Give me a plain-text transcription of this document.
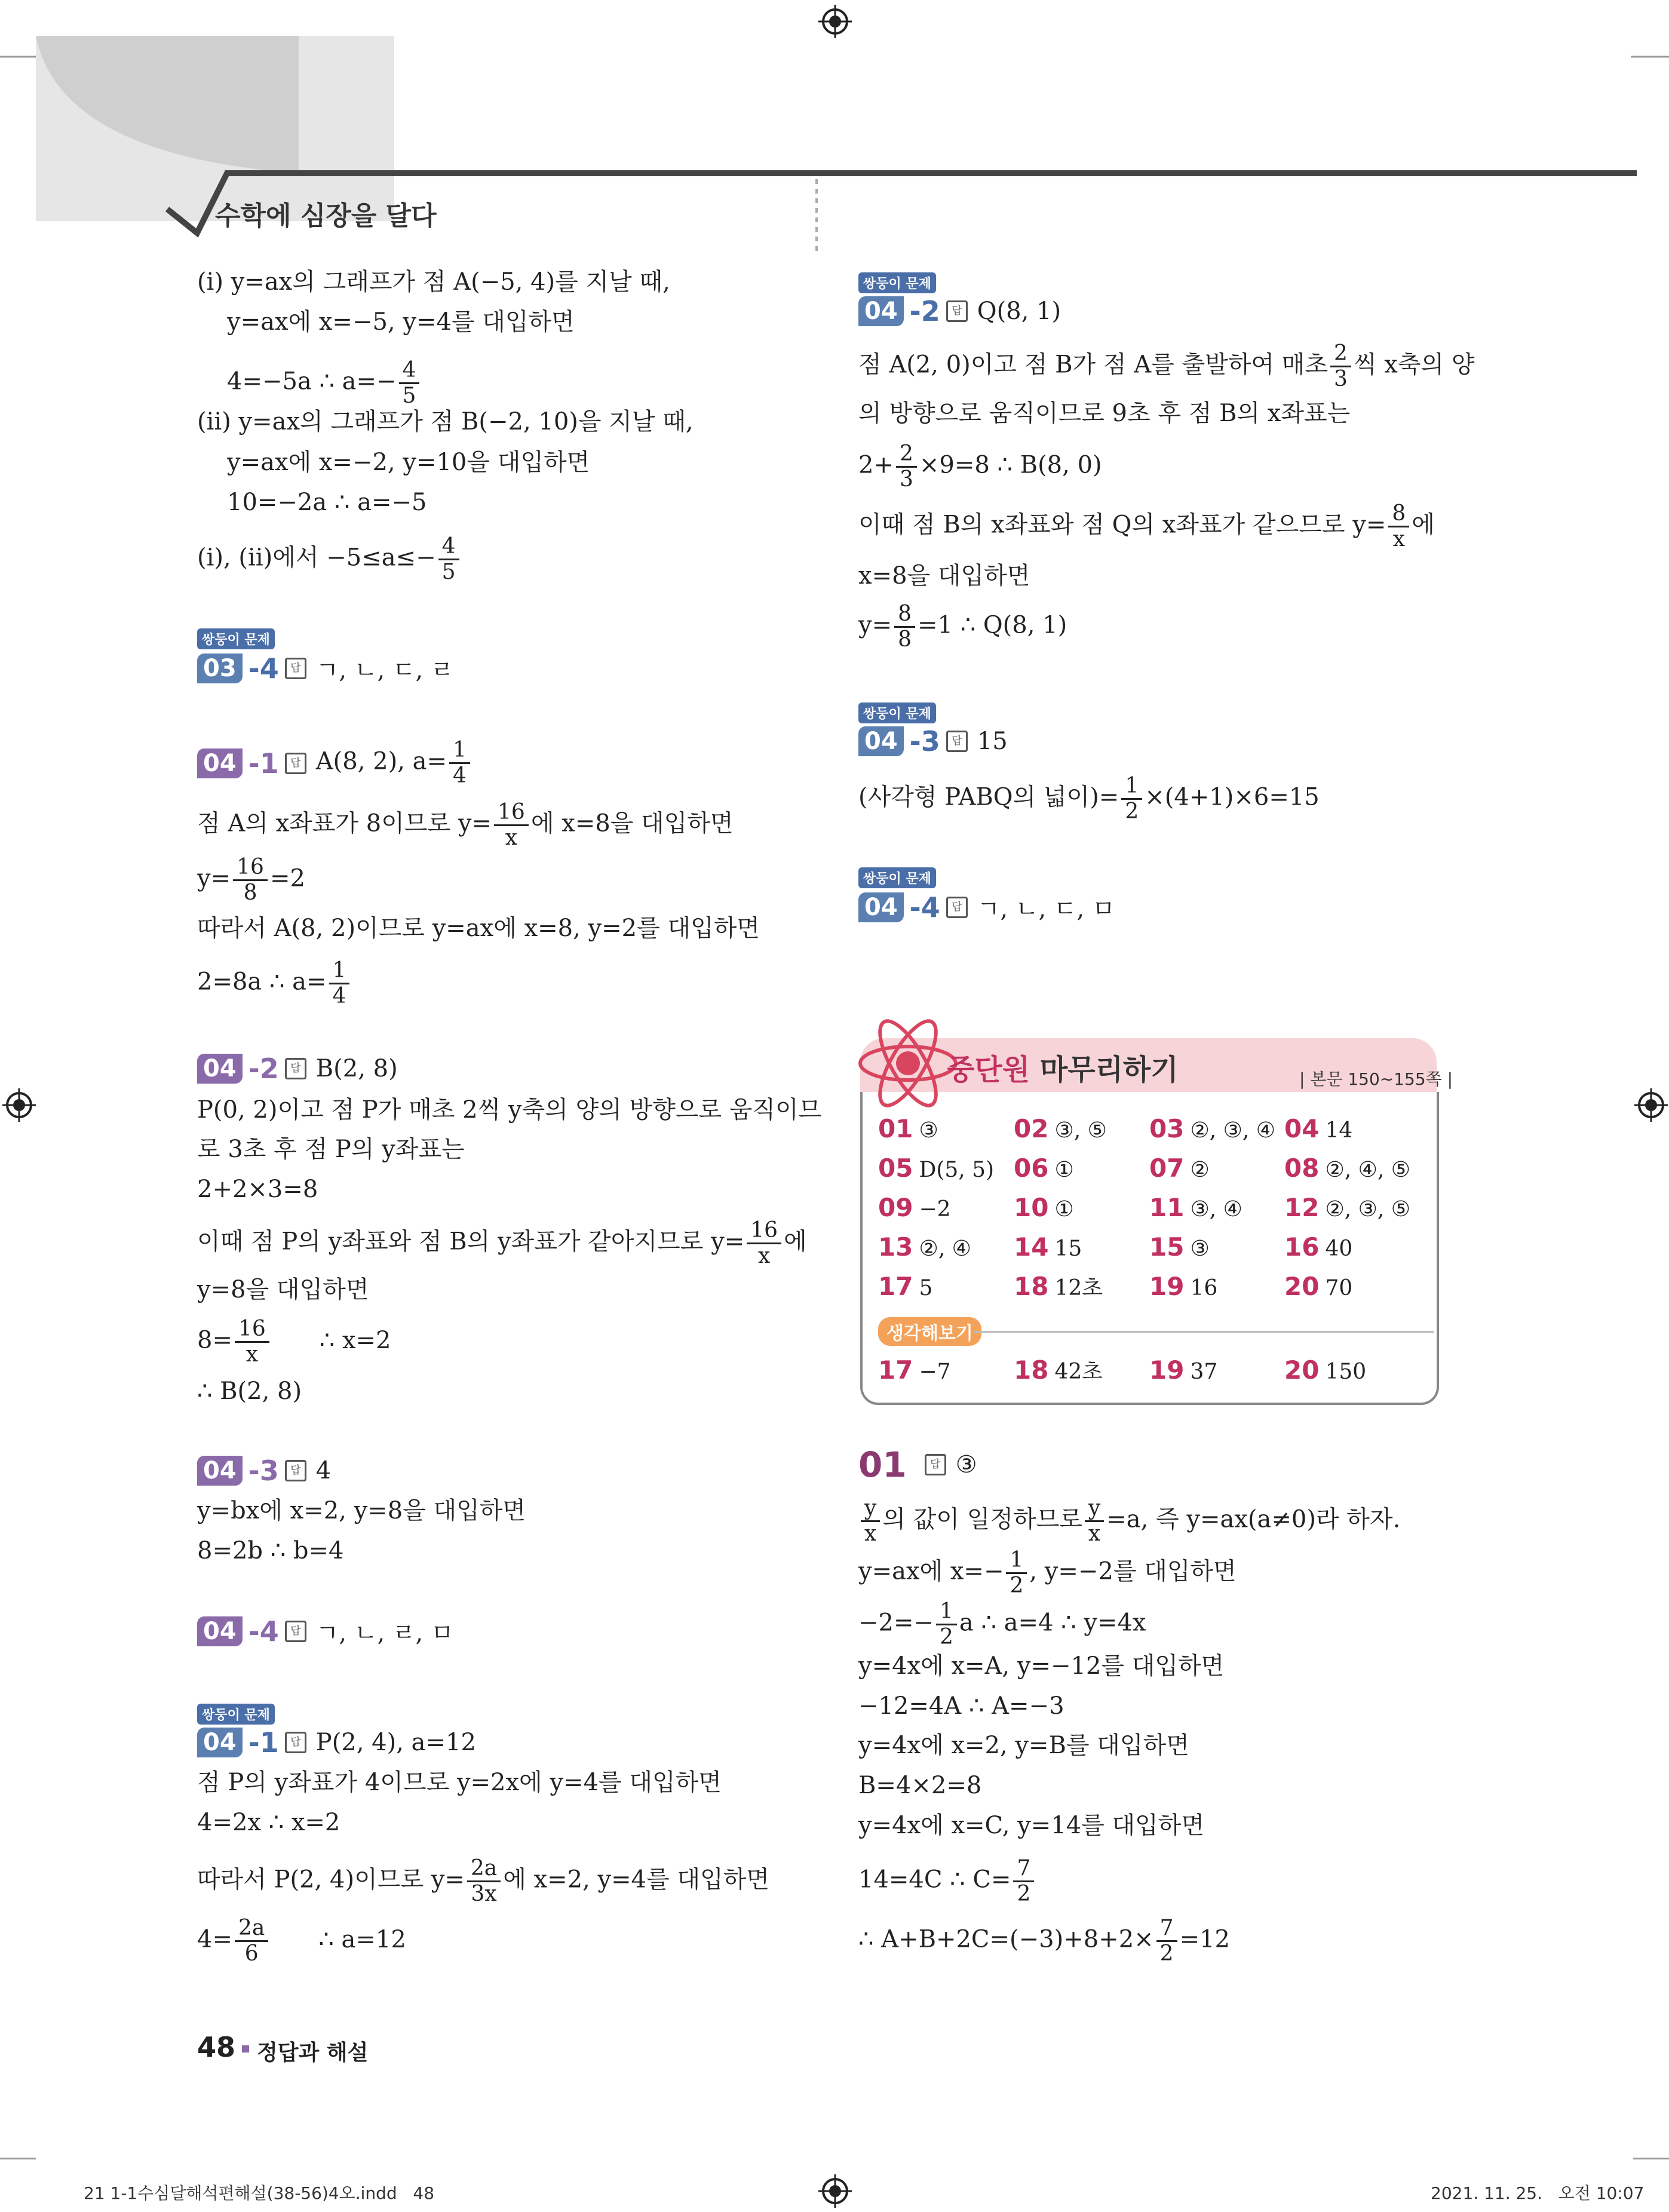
수학에 심장을 달다
(ⅰ) y=ax의 그래프가 점 A(−5, 4)를 지날 때,
y=ax에 x=−5, y=4를 대입하면
4=−5a ∴ $a=- \frac{4}{5}$
(ⅱ) y=ax의 그래프가 점 B(−2, 10)을 지날 때,
y=ax에 x=−2, y=10을 대입하면
10=−2a ∴ a=−5
(ⅰ), (ⅱ)에서 $-5\le a\le- \frac{4}{5}$
쌍둥이 문제
03 -4	답 ㄱ, ㄴ, ㄷ, ㄹ
04 -1	답 A(8, 2), $a= \frac{1}{4}$
점 A의 x좌표가 8이므로 $y= \frac{16}{x}$ 에 x=8을 대입하면
$y= \frac{16}{8} =2$
따라서 A(8, 2)이므로 y=ax에 x=8, y=2를 대입하면
2=8a ∴ $a= \frac{1}{4}$
04 -2	답 B(2, 8)
P(0, 2)이고 점 P가 매초 2씩 y축의 양의 방향으로 움직이므
로 3초 후 점 P의 y좌표는
2+2×3=8
이때 점 P의 y좌표와 점 B의 y좌표가 같아지므로 $y= \frac{16}{x}$ 에
y=8을 대입하면
$8= \frac{16}{x}$ ∴ x=2
∴ B(2, 8)
04 -3	답 4
y=bx에 x=2, y=8을 대입하면
8=2b ∴ b=4
04 -4	답 ㄱ, ㄴ, ㄹ, ㅁ
쌍둥이 문제
04 -1	답 P(2, 4), a=12
점 P의 y좌표가 4이므로 y=2x에 y=4를 대입하면
4=2x ∴ x=2
따라서 P(2, 4)이므로 $y= \frac{2a}{3x}$ 에 x=2, y=4를 대입하면
$4= \frac{2a}{6}$ ∴ a=12
쌍둥이 문제
04 -2	답 Q(8, 1)
점 A(2, 0)이고 점 B가 점 A를 출발하여 매초 $\frac{2}{3}$ 씩 x축의 양
의 방향으로 움직이므로 9초 후 점 B의 x좌표는
$2+ \frac{2}{3} \times 9=8$ ∴ B(8, 0)
이때 점 B의 x좌표와 점 Q의 x좌표가 같으므로 $y= \frac{8}{x}$ 에
x=8을 대입하면
$y= \frac{8}{8} =1$ ∴ Q(8, 1)
쌍둥이 문제
04 -3	답 15
(사각형 PABQ의 넓이)= $\frac{1}{2} \times(4+1)\times 6=15$
쌍둥이 문제
04 -4	답 ㄱ, ㄴ, ㄷ, ㅁ
중단원 마무리하기	| 본문 150∼155쪽 |
01 ③	02 ③, ⑤ 03 ②, ③, ④ 04 14
05 D(5, 5) 06 ①	07 ②	08 ②, ④, ⑤
09 −2	10 ①	11 ③, ④ 12 ②, ③, ⑤
13 ②, ④ 14 15	15 ③	16 40
17 5	18 12초 19 16	20 70
17 −7	18 42초 19 37	20 150
생각해보기
01	답 ③
$\frac{y}{x}$ 의 값이 일정하므로 $\frac{y}{x} =a$, 즉 y=ax(a≠0)라 하자.
y=ax에 $x=- \frac{1}{2}$ , y=−2를 대입하면
$-2=- \frac{1}{2}$ a ∴ a=4 ∴ y=4x
y=4x에 x=A, y=−12를 대입하면
−12=4A ∴ A=−3
y=4x에 x=2, y=B를 대입하면
B=4×2=8
y=4x에 x=C, y=14를 대입하면
14=4C ∴ $C= \frac{7}{2}$
∴ $A+B+2C=(-3)+8+2\times \frac{7}{2} =12$
48 정답과 해설
21 1-1수심달해석편해설(38-56)4오.indd   48	2021. 11. 25.   오전 10:07
